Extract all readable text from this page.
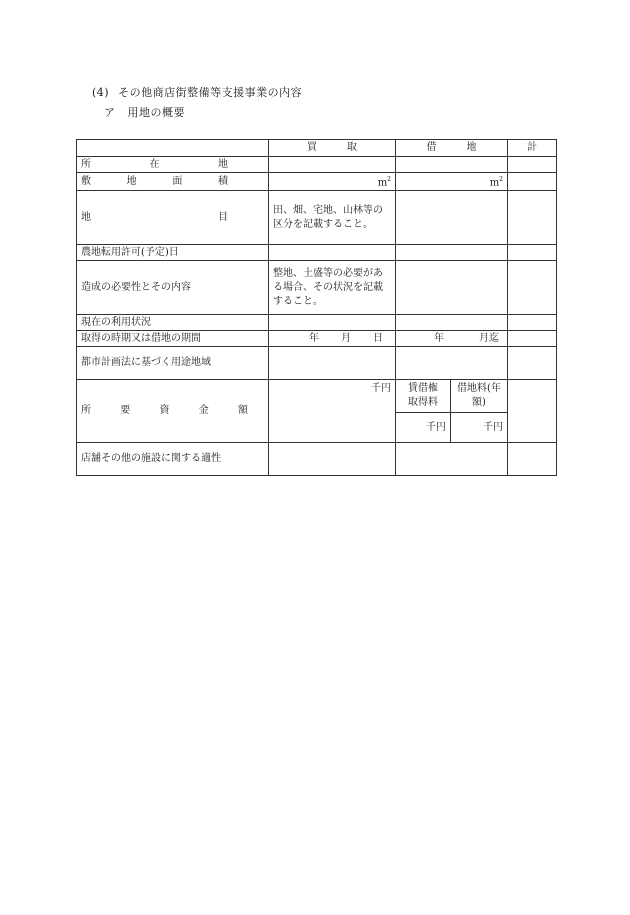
(4) その他商店街整備等支援事業の内容
ア 用地の概要
	買　　　取	借　　　地		計
所　　在　　地				
敷　地　面　積	$m^2$	$m^2$	
地　　　　　目	田、畑、宅地、山林等の区分を記載すること。			
農地転用許可(予定)日				
造成の必要性とその内容	整地、土盛等の必要がある場合、その状況を記載すること。			
現在の利用状況				
取得の時期又は借地の期間	年 月 日	年 月迄		

都市計画法に基づく用途地域				
所　要　資　金　額	千円	賃借権取得料	借地料(年額)	
		千円	千円	
店舗その他の施設に関する適性				
